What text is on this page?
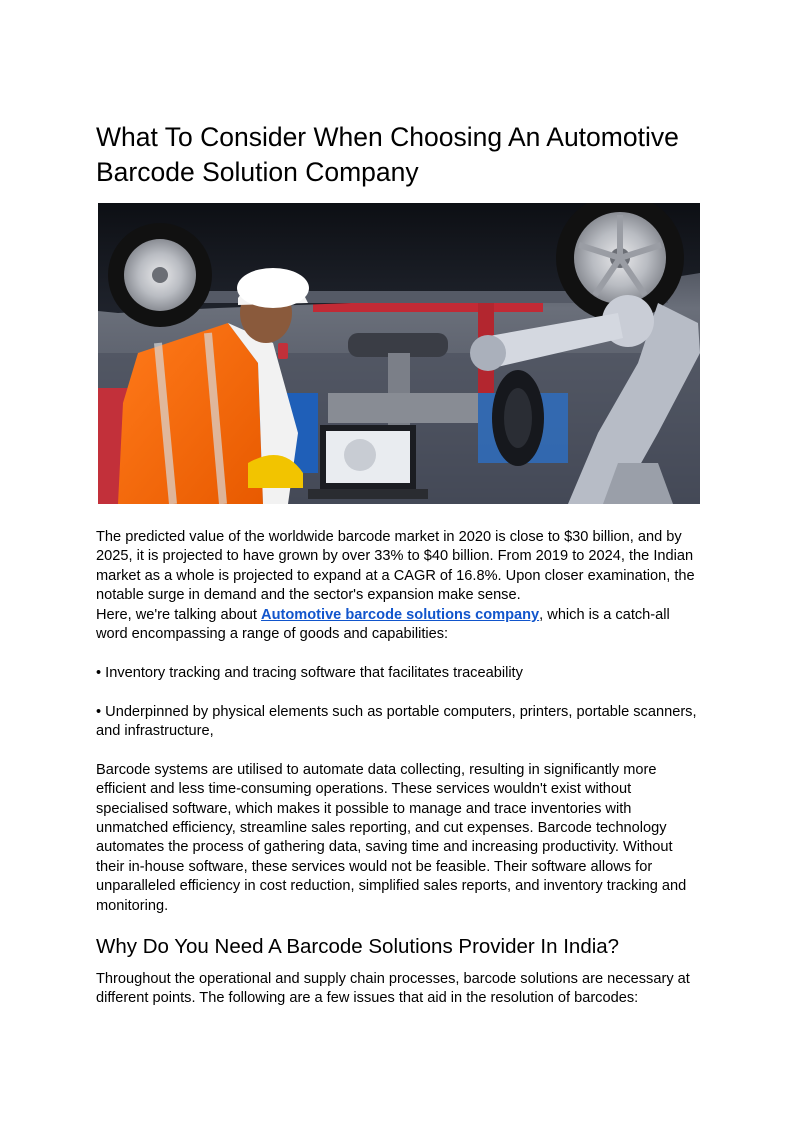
What To Consider When Choosing An Automotive Barcode Solution Company

The predicted value of the worldwide barcode market in 2020 is close to $30 billion, and by 2025, it is projected to have grown by over 33% to $40 billion. From 2019 to 2024, the Indian market as a whole is projected to expand at a CAGR of 16.8%. Upon closer examination, the notable surge in demand and the sector's expansion make sense.

Here, we're talking about Automotive barcode solutions company, which is a catch-all word encompassing a range of goods and capabilities:

• Inventory tracking and tracing software that facilitates traceability

• Underpinned by physical elements such as portable computers, printers, portable scanners, and infrastructure,

Barcode systems are utilised to automate data collecting, resulting in significantly more efficient and less time-consuming operations. These services wouldn't exist without specialised software, which makes it possible to manage and trace inventories with unmatched efficiency, streamline sales reporting, and cut expenses. Barcode technology automates the process of gathering data, saving time and increasing productivity. Without their in-house software, these services would not be feasible. Their software allows for unparalleled efficiency in cost reduction, simplified sales reports, and inventory tracking and monitoring.

Why Do You Need A Barcode Solutions Provider In India?

Throughout the operational and supply chain processes, barcode solutions are necessary at different points. The following are a few issues that aid in the resolution of barcodes:
